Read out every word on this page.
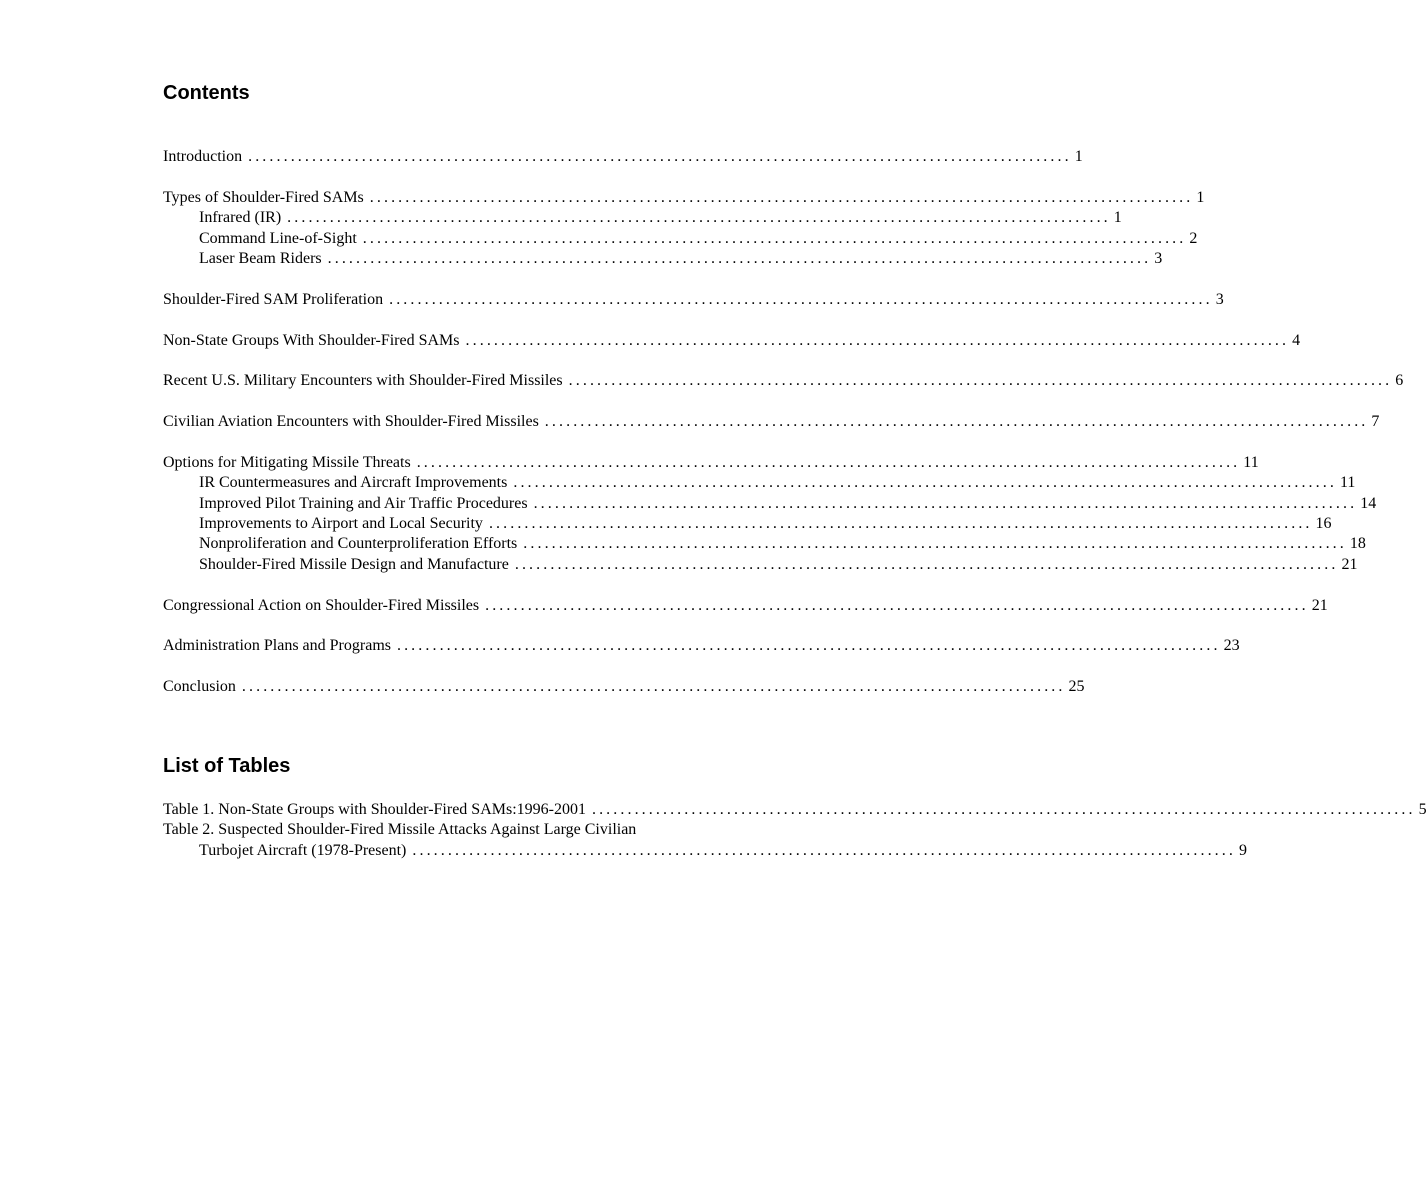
Contents
Introduction .................................................................................................................... 1
Types of Shoulder-Fired SAMs .................................................................................................................... 1
Infrared (IR) .................................................................................................................... 1
Command Line-of-Sight .................................................................................................................... 2
Laser Beam Riders .................................................................................................................... 3
Shoulder-Fired SAM Proliferation .................................................................................................................... 3
Non-State Groups With Shoulder-Fired SAMs .................................................................................................................... 4
Recent U.S. Military Encounters with Shoulder-Fired Missiles .................................................................................................................... 6
Civilian Aviation Encounters with Shoulder-Fired Missiles .................................................................................................................... 7
Options for Mitigating Missile Threats .................................................................................................................... 11
IR Countermeasures and Aircraft Improvements .................................................................................................................... 11
Improved Pilot Training and Air Traffic Procedures .................................................................................................................... 14
Improvements to Airport and Local Security .................................................................................................................... 16
Nonproliferation and Counterproliferation Efforts .................................................................................................................... 18
Shoulder-Fired Missile Design and Manufacture .................................................................................................................... 21
Congressional Action on Shoulder-Fired Missiles .................................................................................................................... 21
Administration Plans and Programs .................................................................................................................... 23
Conclusion .................................................................................................................... 25
List of Tables
Table 1. Non-State Groups with Shoulder-Fired SAMs:1996-2001 .................................................................................................................... 5
Table 2. Suspected Shoulder-Fired Missile Attacks Against Large Civilian
Turbojet Aircraft (1978-Present) .................................................................................................................... 9
